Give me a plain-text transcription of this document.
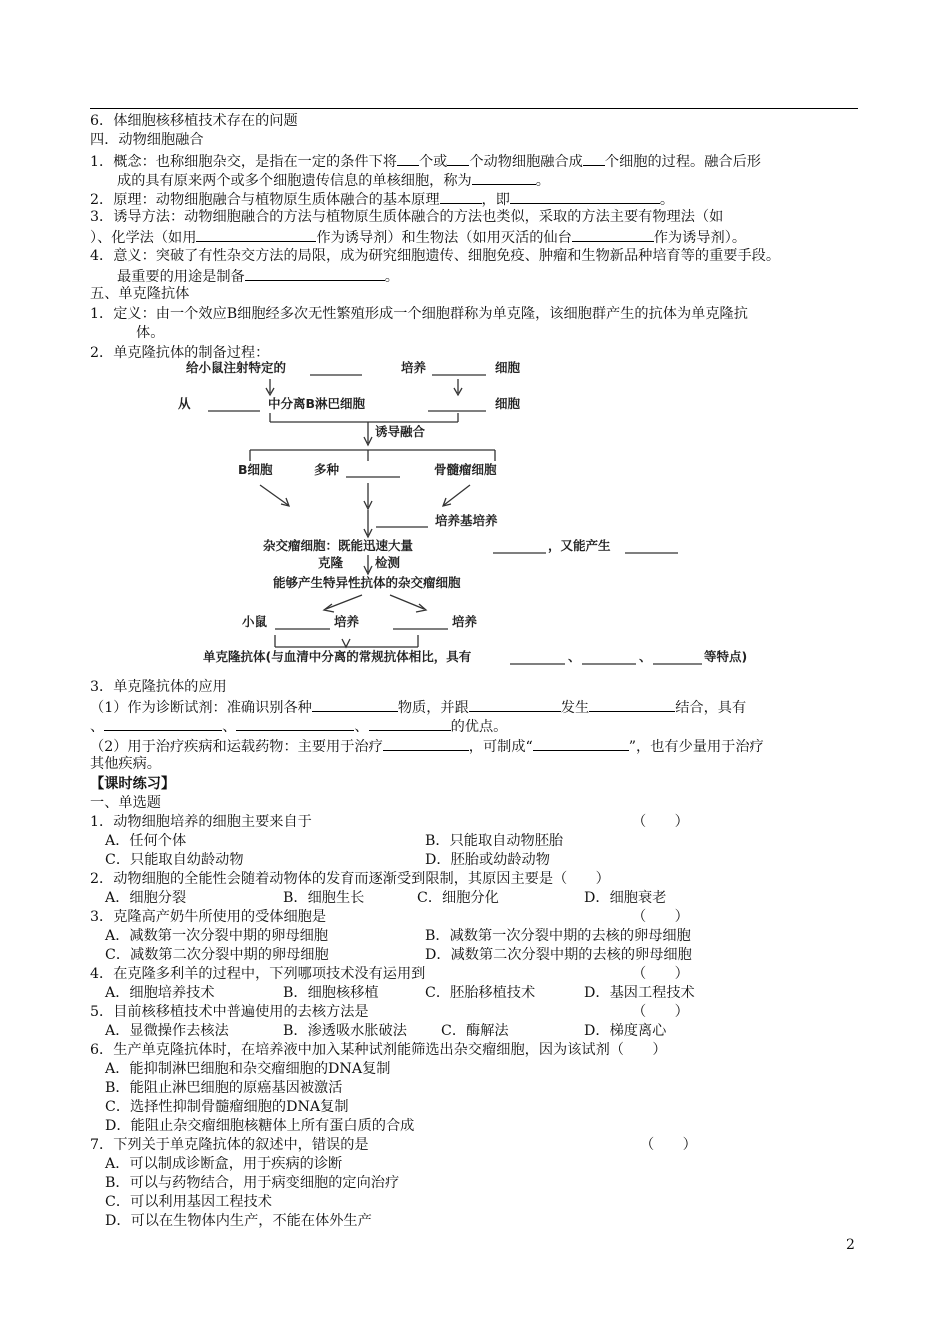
6．体细胞核移植技术存在的问题
四．动物细胞融合
1．概念：也称细胞杂交，是指在一定的条件下将 个或 个动物细胞融合成 个细胞的过程。融合后形
成的具有原来两个或多个细胞遗传信息的单核细胞，称为	。
2．原理：动物细胞融合与植物原生质体融合的基本原理	，即	。
3．诱导方法：动物细胞融合的方法与植物原生质体融合的方法也类似，采取的方法主要有物理法（如
）、化学法（如用	作为诱导剂）和生物法（如用灭活的仙台	作为诱导剂）。
4．意义：突破了有性杂交方法的局限，成为研究细胞遗传、细胞免疫、肿瘤和生物新品种培育等的重要手段。
最重要的用途是制备	。
五、单克隆抗体
1．定义：由一个效应B细胞经多次无性繁殖形成一个细胞群称为单克隆，该细胞群产生的抗体为单克隆抗
体。
2．单克隆抗体的制备过程：
给小鼠注射特定的	培养	细胞
从	中分离B淋巴细胞	细胞
诱导融合
B细胞	多种	骨髓瘤细胞
培养基培养
杂交瘤细胞：既能迅速大量	，又能产生
克隆	检测
能够产生特异性抗体的杂交瘤细胞
小鼠	培养	培养
单克隆抗体(与血清中分离的常规抗体相比，具有	、	、	等特点)
3．单克隆抗体的应用
（1）作为诊断试剂：准确识别各种	物质，并跟	发生	结合，具有
、	、	、	的优点。
（2）用于治疗疾病和运载药物：主要用于治疗	，可制成“	”，也有少量用于治疗
其他疾病。
【课时练习】
一、单选题
1．动物细胞培养的细胞主要来自于	（　　）
A．任何个体	B．只能取自动物胚胎
C．只能取自幼龄动物	D．胚胎或幼龄动物
2．动物细胞的全能性会随着动物体的发育而逐渐受到限制，其原因主要是（　　）
A．细胞分裂	B．细胞生长	C．细胞分化	D．细胞衰老
3．克隆高产奶牛所使用的受体细胞是	（　　）
A．减数第一次分裂中期的卵母细胞	B．减数第一次分裂中期的去核的卵母细胞
C．减数第二次分裂中期的卵母细胞	D．减数第二次分裂中期的去核的卵母细胞
4．在克隆多利羊的过程中，下列哪项技术没有运用到	（　　）
A．细胞培养技术	B．细胞核移植	C．胚胎移植技术	D．基因工程技术
5．目前核移植技术中普遍使用的去核方法是	（　　）
A．显微操作去核法	B．渗透吸水胀破法 C．酶解法	D．梯度离心
6．生产单克隆抗体时，在培养液中加入某种试剂能筛选出杂交瘤细胞，因为该试剂（　　）
A．能抑制淋巴细胞和杂交瘤细胞的DNA复制
B．能阻止淋巴细胞的原癌基因被激活
C．选择性抑制骨髓瘤细胞的DNA复制
D．能阻止杂交瘤细胞核糖体上所有蛋白质的合成
7．下列关于单克隆抗体的叙述中，错误的是	（　　）
A．可以制成诊断盒，用于疾病的诊断
B．可以与药物结合，用于病变细胞的定向治疗
C．可以利用基因工程技术
D．可以在生物体内生产，不能在体外生产
2
